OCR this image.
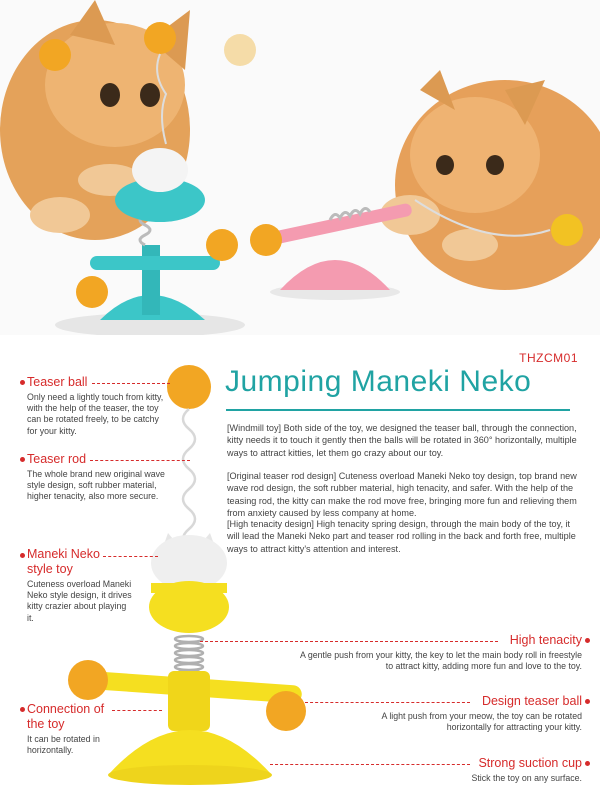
THZCM01
Jumping Maneki Neko
[Windmill toy] Both side of the toy, we designed the teaser ball, through the connection, kitty needs it to touch it gently then the balls will be rotated in 360° horizontally, multiple ways to attract kitties, let them go crazy about our toy.
[Original teaser rod design] Cuteness overload Maneki Neko toy design, top brand new wave rod design, the soft rubber material, high tenacity, and safer. With the help of the teasing rod, the kitty can make the rod move free, bringing more fun and relieving them from anxiety caused by less company at home.
[High tenacity design] High tenacity spring design, through the main body of the toy, it will lead the Maneki Neko part and teaser rod rolling in the back and forth free, multiple ways to attract kitty's attention and interest.
Teaser ball
Only need a lightly touch from kitty, with the help of the teaser, the toy can be rotated freely, to be catchy for your kitty.
Teaser rod
The whole brand new original wave style design, soft rubber material, higher tenacity, also more secure.
Maneki Neko
style toy
Cuteness overload Maneki Neko style design, it drives kitty crazier about playing it.
Connection of
the toy
It can be rotated in horizontally.
High tenacity
A gentle push from your kitty, the key to let the main body roll in freestyle to attract kitty, adding more fun and love to the toy.
Design teaser ball
A light push from your meow, the toy can be rotated horizontally for attracting your kitty.
Strong suction cup
Stick the toy on any surface.
